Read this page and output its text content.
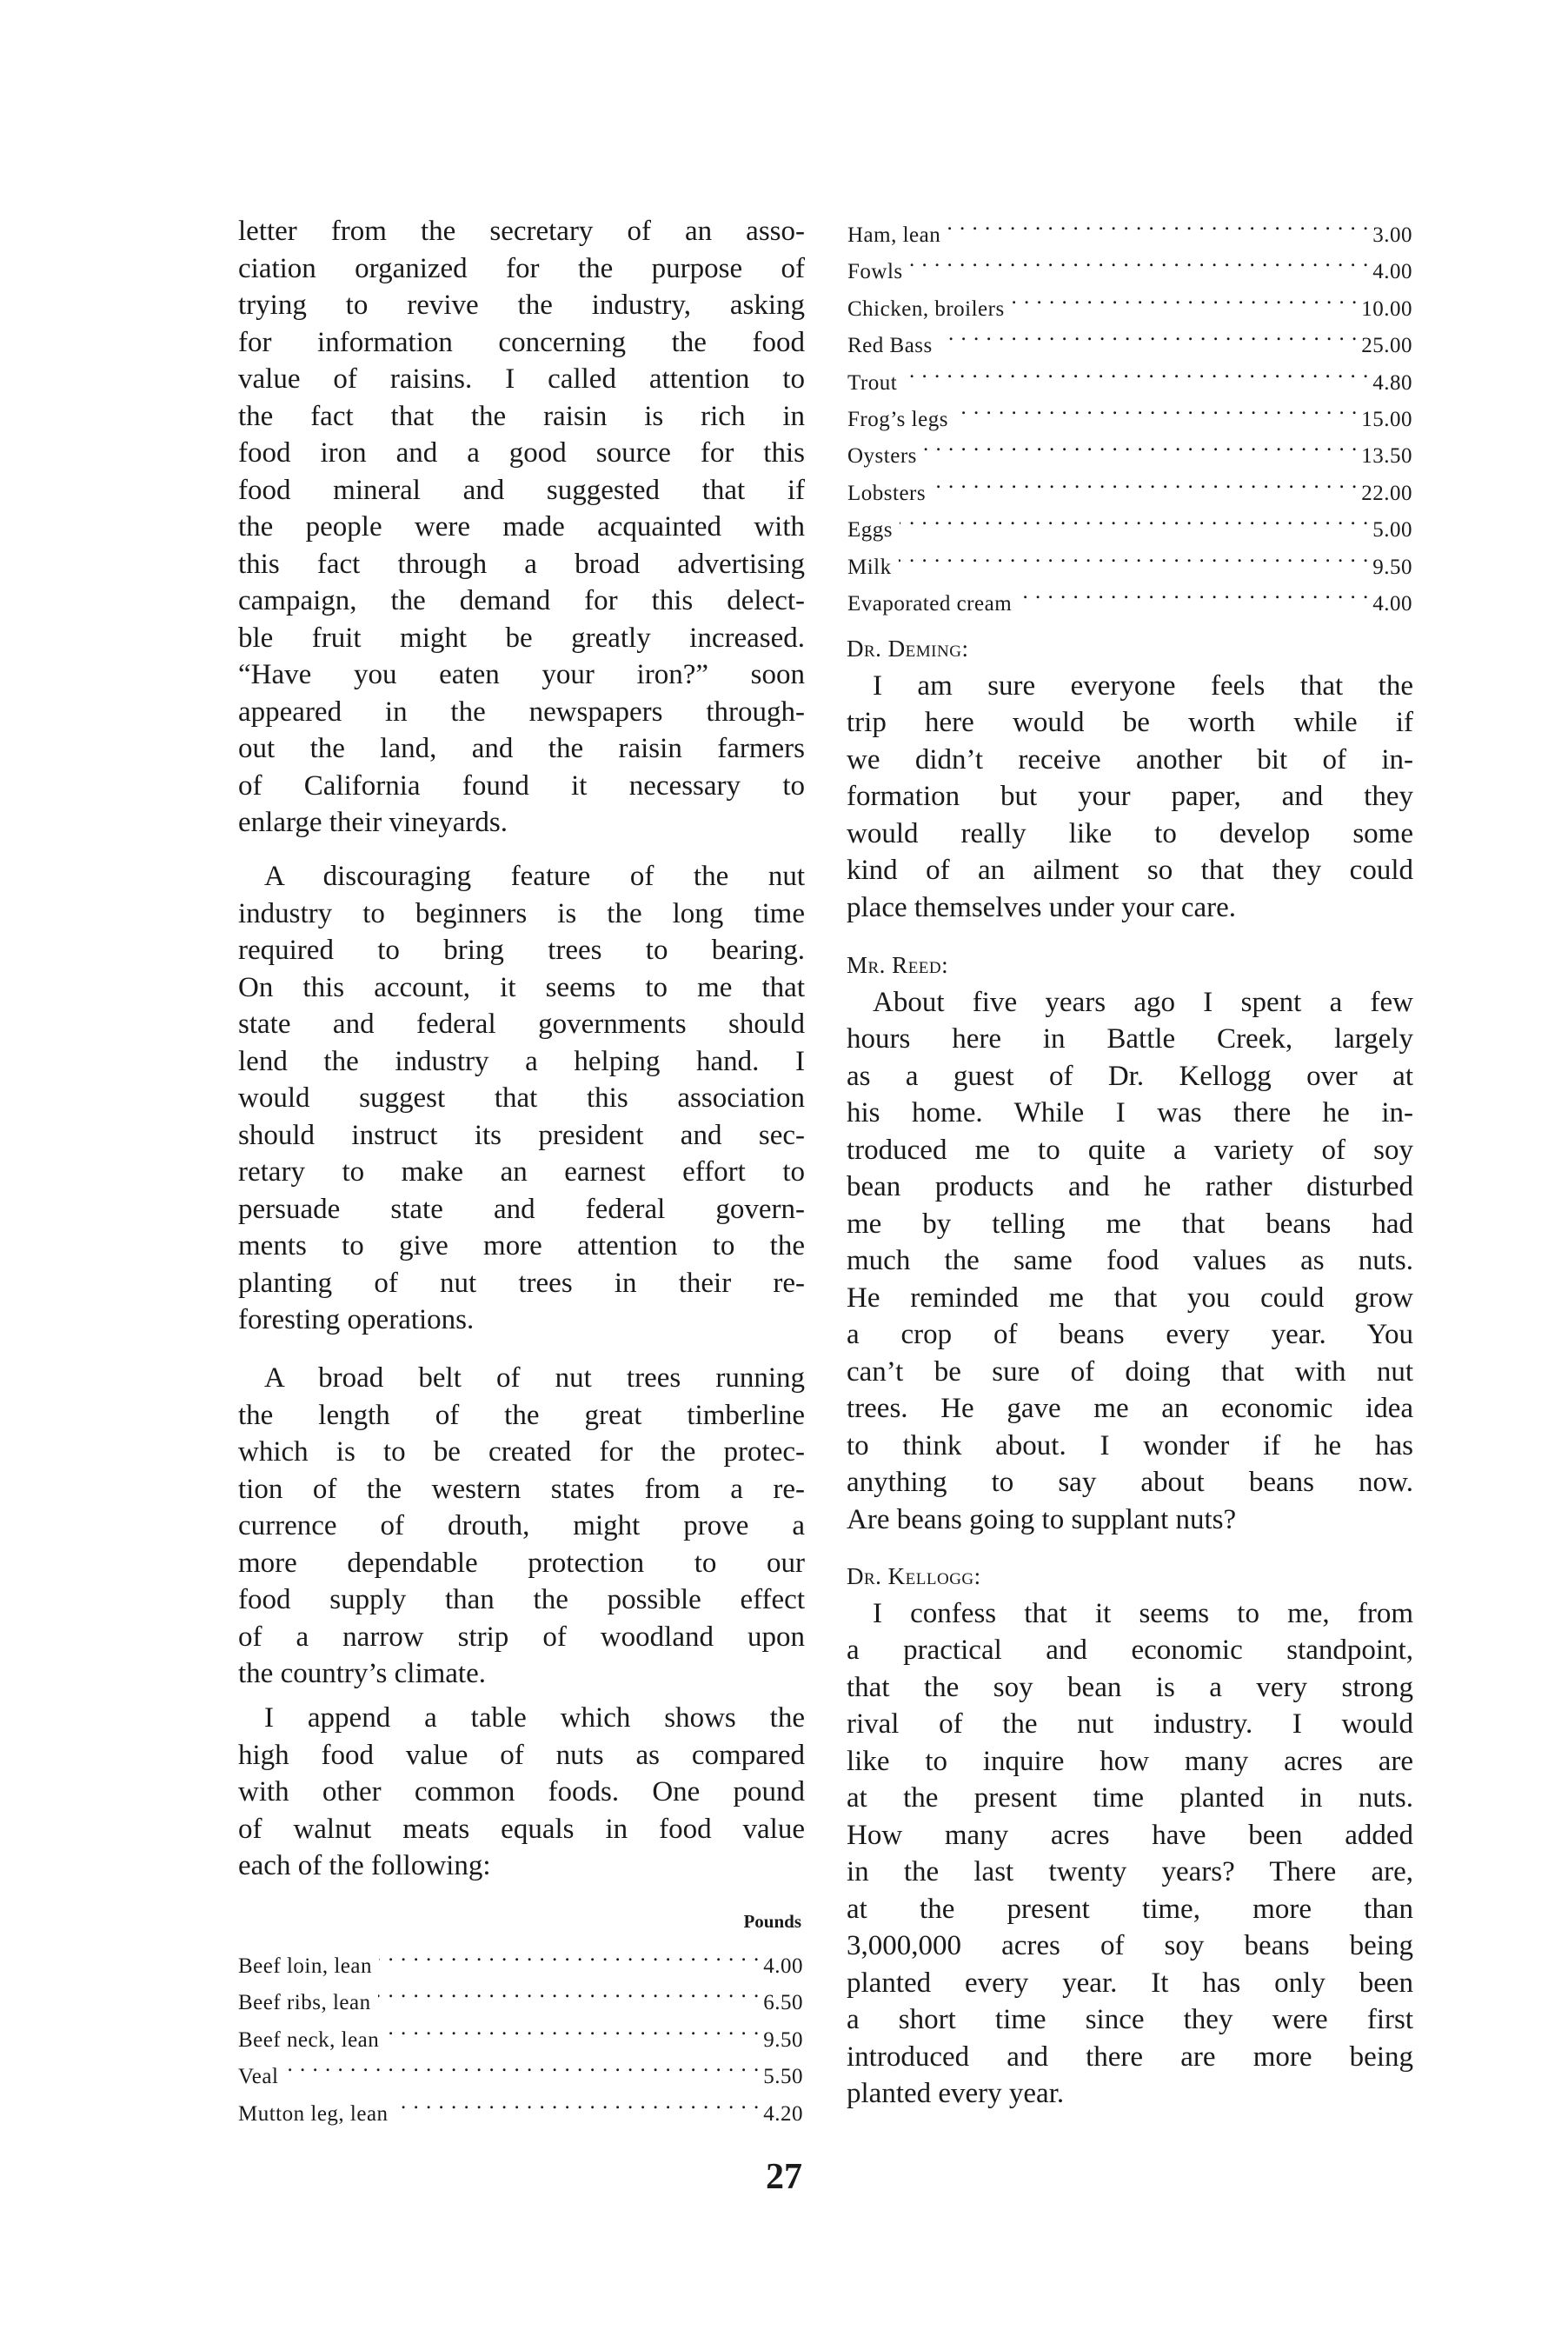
letter from the secretary of an asso-
ciation organized for the purpose of
trying to revive the industry, asking
for information concerning the food
value of raisins. I called attention to
the fact that the raisin is rich in
food iron and a good source for this
food mineral and suggested that if
the people were made acquainted with
this fact through a broad advertising
campaign, the demand for this delect-
ble fruit might be greatly increased.
“Have you eaten your iron?” soon
appeared in the newspapers through-
out the land, and the raisin farmers
of California found it necessary to
enlarge their vineyards.
A discouraging feature of the nut
industry to beginners is the long time
required to bring trees to bearing.
On this account, it seems to me that
state and federal governments should
lend the industry a helping hand. I
would suggest that this association
should instruct its president and sec-
retary to make an earnest effort to
persuade state and federal govern-
ments to give more attention to the
planting of nut trees in their re-
foresting operations.
A broad belt of nut trees running
the length of the great timberline
which is to be created for the protec-
tion of the western states from a re-
currence of drouth, might prove a
more dependable protection to our
food supply than the possible effect
of a narrow strip of woodland upon
the country’s climate.
I append a table which shows the
high food value of nuts as compared
with other common foods. One pound
of walnut meats equals in food value
each of the following:
Pounds
Beef loin, lean . . .	4.00
Beef ribs, lean . . .	6.50
Beef neck, lean . . .	9.50
Veal . . .	5.50
Mutton leg, lean . . .	4.20
Ham, lean . . .	3.00
Fowls . . .	4.00
Chicken, broilers . . .	10.00
Red Bass . . .	25.00
Trout . . .	4.80
Frog’s legs . . .	15.00
Oysters . . .	13.50
Lobsters . . .	22.00
Eggs . . .	5.00
Milk . . .	9.50
Evaporated cream . . .	4.00
Dr. Deming:
I am sure everyone feels that the
trip here would be worth while if
we didn’t receive another bit of in-
formation but your paper, and they
would really like to develop some
kind of an ailment so that they could
place themselves under your care.
Mr. Reed:
About five years ago I spent a few
hours here in Battle Creek, largely
as a guest of Dr. Kellogg over at
his home. While I was there he in-
troduced me to quite a variety of soy
bean products and he rather disturbed
me by telling me that beans had
much the same food values as nuts.
He reminded me that you could grow
a crop of beans every year. You
can’t be sure of doing that with nut
trees. He gave me an economic idea
to think about. I wonder if he has
anything to say about beans now.
Are beans going to supplant nuts?
Dr. Kellogg:
I confess that it seems to me, from
a practical and economic standpoint,
that the soy bean is a very strong
rival of the nut industry. I would
like to inquire how many acres are
at the present time planted in nuts.
How many acres have been added
in the last twenty years? There are,
at the present time, more than
3,000,000 acres of soy beans being
planted every year. It has only been
a short time since they were first
introduced and there are more being
planted every year.
27
